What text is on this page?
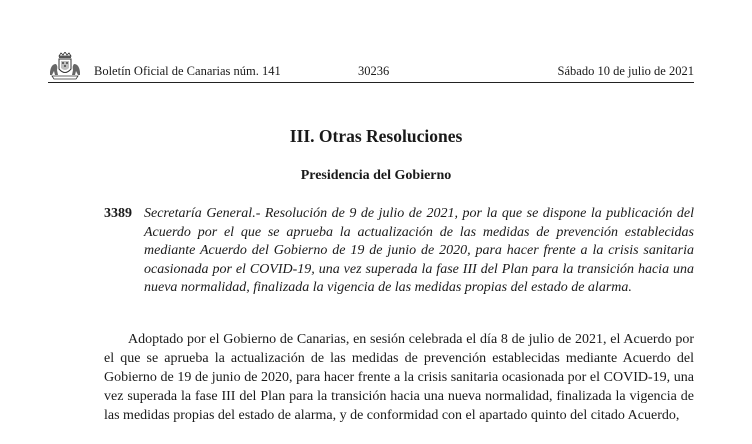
Boletín Oficial de Canarias núm. 141	30236	Sábado 10 de julio de 2021
III. Otras Resoluciones
Presidencia del Gobierno
3389 Secretaría General.- Resolución de 9 de julio de 2021, por la que se dispone la publicación del Acuerdo por el que se aprueba la actualización de las medidas de prevención establecidas mediante Acuerdo del Gobierno de 19 de junio de 2020, para hacer frente a la crisis sanitaria ocasionada por el COVID-19, una vez superada la fase III del Plan para la transición hacia una nueva normalidad, finalizada la vigencia de las medidas propias del estado de alarma.
Adoptado por el Gobierno de Canarias, en sesión celebrada el día 8 de julio de 2021, el Acuerdo por el que se aprueba la actualización de las medidas de prevención establecidas mediante Acuerdo del Gobierno de 19 de junio de 2020, para hacer frente a la crisis sanitaria ocasionada por el COVID-19, una vez superada la fase III del Plan para la transición hacia una nueva normalidad, finalizada la vigencia de las medidas propias del estado de alarma, y de conformidad con el apartado quinto del citado Acuerdo,
